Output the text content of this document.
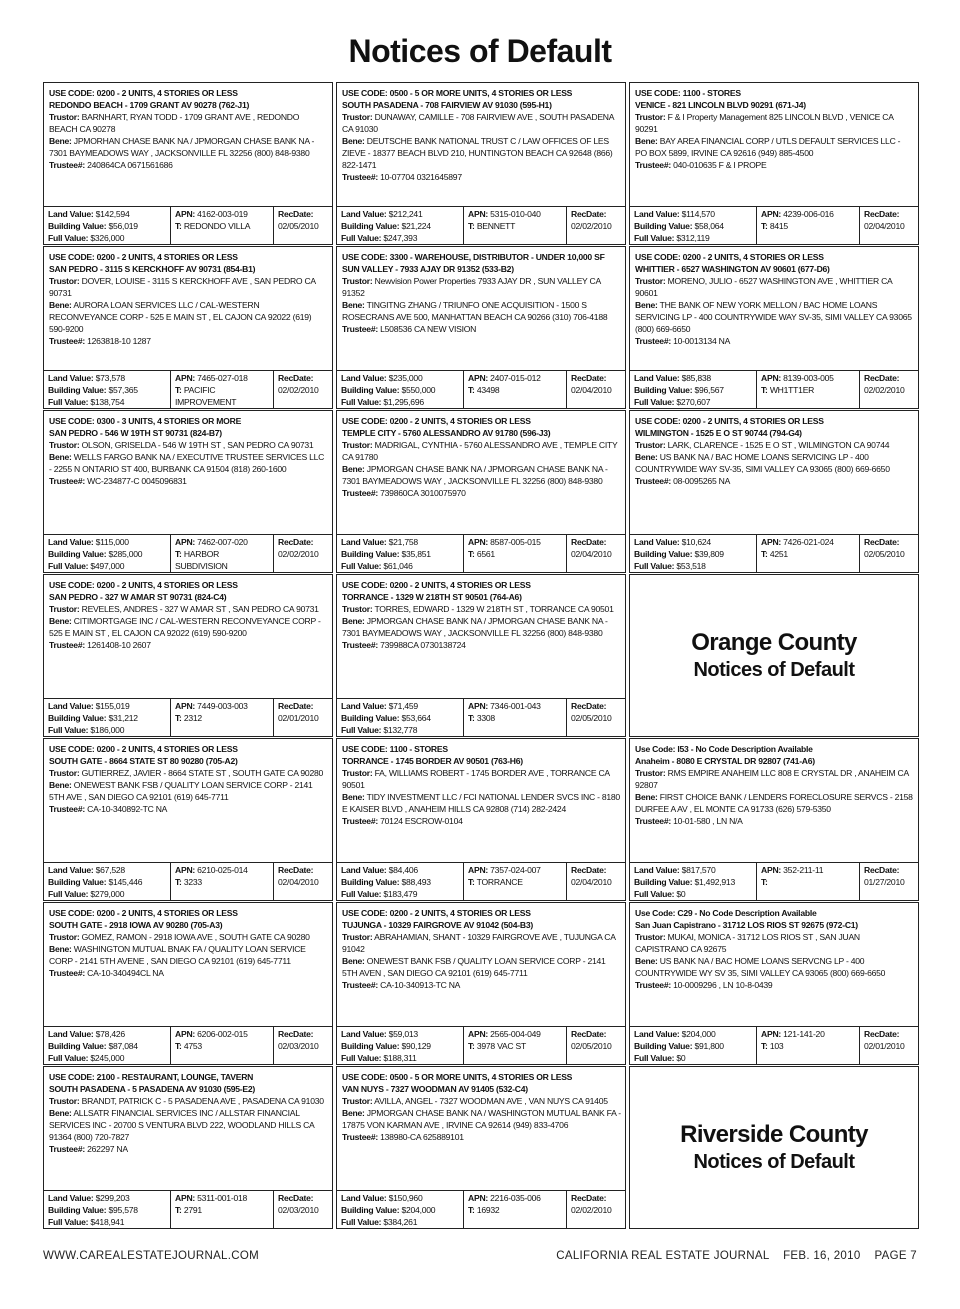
Notices of Default
USE CODE: 0200 - 2 UNITS, 4 STORIES OR LESS
REDONDO BEACH - 1709 GRANT AV 90278 (762-J1)
Trustor: BARNHART, RYAN TODD - 1709 GRANT AVE , REDONDO BEACH CA 90278
Bene: JPMORHAN CHASE BANK NA / JPMORGAN CHASE BANK NA - 7301 BAYMEADOWS WAY , JACKSONVILLE FL 32256 (800) 848-9380
Trustee#: 240864CA 0671561686
Land Value: $142,594
Building Value: $56,019
Full Value: $326,000
APN: 4162-003-019
T: REDONDO VILLA
RecDate:
02/05/2010
USE CODE: 0500 - 5 OR MORE UNITS, 4 STORIES OR LESS
SOUTH PASADENA - 708 FAIRVIEW AV 91030 (595-H1)
Trustor: DUNAWAY, CAMILLE - 708 FAIRVIEW AVE , SOUTH PASADENA CA 91030
Bene: DEUTSCHE BANK NATIONAL TRUST C / LAW OFFICES OF LES ZIEVE - 18377 BEACH BLVD 210, HUNTINGTON BEACH CA 92648 (866) 822-1471
Trustee#: 10-07704 0321645897
Land Value: $212,241
Building Value: $21,224
Full Value: $247,393
APN: 5315-010-040
T: BENNETT
RecDate:
02/02/2010
USE CODE: 1100 - STORES
VENICE - 821 LINCOLN BLVD 90291 (671-J4)
Trustor: F & I Property Management 825 LINCOLN BLVD , VENICE CA 90291
Bene: BAY AREA FINANCIAL CORP / UTLS DEFAULT SERVICES LLC - PO BOX 5899, IRVINE CA 92616 (949) 885-4500
Trustee#: 040-010635 F & I PROPE
Land Value: $114,570
Building Value: $58,064
Full Value: $312,119
APN: 4239-006-016
T: 8415
RecDate:
02/04/2010
USE CODE: 0200 - 2 UNITS, 4 STORIES OR LESS
SAN PEDRO - 3115 S KERCKHOFF AV 90731 (854-B1)
Trustor: DOVER, LOUISE - 3115 S KERCKHOFF AVE , SAN PEDRO CA 90731
Bene: AURORA LOAN SERVICES LLC / CAL-WESTERN RECONVEYANCE CORP - 525 E MAIN ST , EL CAJON CA 92022 (619) 590-9200
Trustee#: 1263818-10 1287
Land Value: $73,578
Building Value: $57,365
Full Value: $138,754
APN: 7465-027-018
T: PACIFIC IMPROVEMENT
RecDate:
02/02/2010
USE CODE: 3300 - WAREHOUSE, DISTRIBUTOR - UNDER 10,000 SF
SUN VALLEY - 7933 AJAY DR 91352 (533-B2)
Trustor: Newvision Power Properties 7933 AJAY DR , SUN VALLEY CA 91352
Bene: TINGITNG ZHANG / TRIUNFO ONE ACQUISITION - 1500 S ROSECRANS AVE 500, MANHATTAN BEACH CA 90266 (310) 706-4188
Trustee#: L508536 CA NEW VISION
Land Value: $235,000
Building Value: $550,000
Full Value: $1,295,696
APN: 2407-015-012
T: 43498
RecDate:
02/04/2010
USE CODE: 0200 - 2 UNITS, 4 STORIES OR LESS
WHITTIER - 6527 WASHINGTON AV 90601 (677-D6)
Trustor: MORENO, JULIO - 6527 WASHINGTON AVE , WHITTIER CA 90601
Bene: THE BANK OF NEW YORK MELLON / BAC HOME LOANS SERVICING LP - 400 COUNTRYWIDE WAY SV-35, SIMI VALLEY CA 93065 (800) 669-6650
Trustee#: 10-0013134 NA
Land Value: $85,838
Building Value: $96,567
Full Value: $270,607
APN: 8139-003-005
T: WH1TT1ER
RecDate:
02/02/2010
USE CODE: 0300 - 3 UNITS, 4 STORIES OR MORE
SAN PEDRO - 546 W 19TH ST 90731 (824-B7)
Trustor: OLSON, GRISELDA - 546 W 19TH ST , SAN PEDRO CA 90731
Bene: WELLS FARGO BANK NA / EXECUTIVE TRUSTEE SERVICES LLC - 2255 N ONTARIO ST 400, BURBANK CA 91504 (818) 260-1600
Trustee#: WC-234877-C 0045096831
Land Value: $115,000
Building Value: $285,000
Full Value: $497,000
APN: 7462-007-020
T: HARBOR SUBDIVISION
RecDate:
02/02/2010
USE CODE: 0200 - 2 UNITS, 4 STORIES OR LESS
TEMPLE CITY - 5760 ALESSANDRO AV 91780 (596-J3)
Trustor: MADRIGAL, CYNTHIA - 5760 ALESSANDRO AVE , TEMPLE CITY CA 91780
Bene: JPMORGAN CHASE BANK NA / JPMORGAN CHASE BANK NA - 7301 BAYMEADOWS WAY , JACKSONVILLE FL 32256 (800) 848-9380
Trustee#: 739860CA 3010075970
Land Value: $21,758
Building Value: $35,851
Full Value: $61,046
APN: 8587-005-015
T: 6561
RecDate:
02/04/2010
USE CODE: 0200 - 2 UNITS, 4 STORIES OR LESS
WILMINGTON - 1525 E O ST 90744 (794-G4)
Trustor: LARK, CLARENCE - 1525 E O ST , WILMINGTON CA 90744
Bene: US BANK NA / BAC HOME LOANS SERVICING LP - 400 COUNTRYWIDE WAY SV-35, SIMI VALLEY CA 93065 (800) 669-6650
Trustee#: 08-0095265 NA
Land Value: $10,624
Building Value: $39,809
Full Value: $53,518
APN: 7426-021-024
T: 4251
RecDate:
02/05/2010
USE CODE: 0200 - 2 UNITS, 4 STORIES OR LESS
SAN PEDRO - 327 W AMAR ST 90731 (824-C4)
Trustor: REVELES, ANDRES - 327 W AMAR ST , SAN PEDRO CA 90731
Bene: CITIMORTGAGE INC / CAL-WESTERN RECONVEYANCE CORP - 525 E MAIN ST , EL CAJON CA 92022 (619) 590-9200
Trustee#: 1261408-10 2607
Land Value: $155,019
Building Value: $31,212
Full Value: $186,000
APN: 7449-003-003
T: 2312
RecDate:
02/01/2010
USE CODE: 0200 - 2 UNITS, 4 STORIES OR LESS
TORRANCE - 1329 W 218TH ST 90501 (764-A6)
Trustor: TORRES, EDWARD - 1329 W 218TH ST , TORRANCE CA 90501
Bene: JPMORGAN CHASE BANK NA / JPMORGAN CHASE BANK NA - 7301 BAYMEADOWS WAY , JACKSONVILLE FL 32256 (800) 848-9380
Trustee#: 739988CA 0730138724
Land Value: $71,459
Building Value: $53,664
Full Value: $132,778
APN: 7346-001-043
T: 3308
RecDate:
02/05/2010
Orange County
Notices of Default
USE CODE: 0200 - 2 UNITS, 4 STORIES OR LESS
SOUTH GATE - 8664 STATE ST 80 90280 (705-A2)
Trustor: GUTIERREZ, JAVIER - 8664 STATE ST , SOUTH GATE CA 90280
Bene: ONEWEST BANK FSB / QUALITY LOAN SERVICE CORP - 2141 5TH AVE , SAN DIEGO CA 92101 (619) 645-7711
Trustee#: CA-10-340892-TC NA
Land Value: $67,528
Building Value: $145,446
Full Value: $279,000
APN: 6210-025-014
T: 3233
RecDate:
02/04/2010
USE CODE: 1100 - STORES
TORRANCE - 1745 BORDER AV 90501 (763-H6)
Trustor: FA, WILLIAMS ROBERT - 1745 BORDER AVE , TORRANCE CA 90501
Bene: TIDY INVESTMENT LLC / FCI NATIONAL LENDER SVCS INC - 8180 E KAISER BLVD , ANAHEIM HILLS CA 92808 (714) 282-2424
Trustee#: 70124 ESCROW-0104
Land Value: $84,406
Building Value: $88,493
Full Value: $183,479
APN: 7357-024-007
T: TORRANCE
RecDate:
02/04/2010
Use Code: I53 - No Code Description Available
Anaheim - 8080 E CRYSTAL DR 92807 (741-A6)
Trustor: RMS EMPIRE ANAHEIM LLC 808 E CRYSTAL DR , ANAHEIM CA 92807
Bene: FIRST CHOICE BANK / LENDERS FORECLOSURE SERVCS - 2158 DURFEE A AV , EL MONTE CA 91733 (626) 579-5350
Trustee#: 10-01-580 , LN N/A
Land Value: $817,570
Building Value: $1,492,913
Full Value: $0
APN: 352-211-11
T:
RecDate:
01/27/2010
USE CODE: 0200 - 2 UNITS, 4 STORIES OR LESS
SOUTH GATE - 2918 IOWA AV 90280 (705-A3)
Trustor: GOMEZ, RAMON - 2918 IOWA AVE , SOUTH GATE CA 90280
Bene: WASHINGTON MUTUAL BNAK FA / QUALITY LOAN SERVICE CORP - 2141 5TH AVENE , SAN DIEGO CA 92101 (619) 645-7711
Trustee#: CA-10-340494CL NA
Land Value: $78,426
Building Value: $87,084
Full Value: $245,000
APN: 6206-002-015
T: 4753
RecDate:
02/03/2010
USE CODE: 0200 - 2 UNITS, 4 STORIES OR LESS
TUJUNGA - 10329 FAIRGROVE AV 91042 (504-B3)
Trustor: ABRAHAMIAN, SHANT - 10329 FAIRGROVE AVE , TUJUNGA CA 91042
Bene: ONEWEST BANK FSB / QUALITY LOAN SERVICE CORP - 2141 5TH AVEN , SAN DIEGO CA 92101 (619) 645-7711
Trustee#: CA-10-340913-TC NA
Land Value: $59,013
Building Value: $90,129
Full Value: $188,311
APN: 2565-004-049
T: 3978 VAC ST
RecDate:
02/05/2010
Use Code: C29 - No Code Description Available
San Juan Capistrano - 31712 LOS RIOS ST 92675 (972-C1)
Trustor: MUKAI, MONICA - 31712 LOS RIOS ST , SAN JUAN CAPISTRANO CA 92675
Bene: US BANK NA / BAC HOME LOANS SERVCNG LP - 400 COUNTRYWIDE WY SV 35, SIMI VALLEY CA 93065 (800) 669-6650
Trustee#: 10-0009296 , LN 10-8-0439
Land Value: $204,000
Building Value: $91,800
Full Value: $0
APN: 121-141-20
T: 103
RecDate:
02/01/2010
USE CODE: 2100 - RESTAURANT, LOUNGE, TAVERN
SOUTH PASADENA - 5 PASADENA AV 91030 (595-E2)
Trustor: BRANDT, PATRICK C - 5 PASADENA AVE , PASADENA CA 91030
Bene: ALLSATR FINANCIAL SERVICES INC / ALLSTAR FINANCIAL SERVICES INC - 20700 S VENTURA BLVD 222, WOODLAND HILLS CA 91364 (800) 720-7827
Trustee#: 262297 NA
Land Value: $299,203
Building Value: $95,578
Full Value: $418,941
APN: 5311-001-018
T: 2791
RecDate:
02/03/2010
USE CODE: 0500 - 5 OR MORE UNITS, 4 STORIES OR LESS
VAN NUYS - 7327 WOODMAN AV 91405 (532-C4)
Trustor: AVILLA, ANGEL - 7327 WOODMAN AVE , VAN NUYS CA 91405
Bene: JPMORGAN CHASE BANK NA / WASHINGTON MUTUAL BANK FA - 17875 VON KARMAN AVE , IRVINE CA 92614 (949) 833-4706
Trustee#: 138980-CA 625889101
Land Value: $150,960
Building Value: $204,000
Full Value: $384,261
APN: 2216-035-006
T: 16932
RecDate:
02/02/2010
Riverside County
Notices of Default
WWW.CAREALESTATEJOURNAL.COM	CALIFORNIA REAL ESTATE JOURNAL    FEB. 16, 2010    PAGE 7
